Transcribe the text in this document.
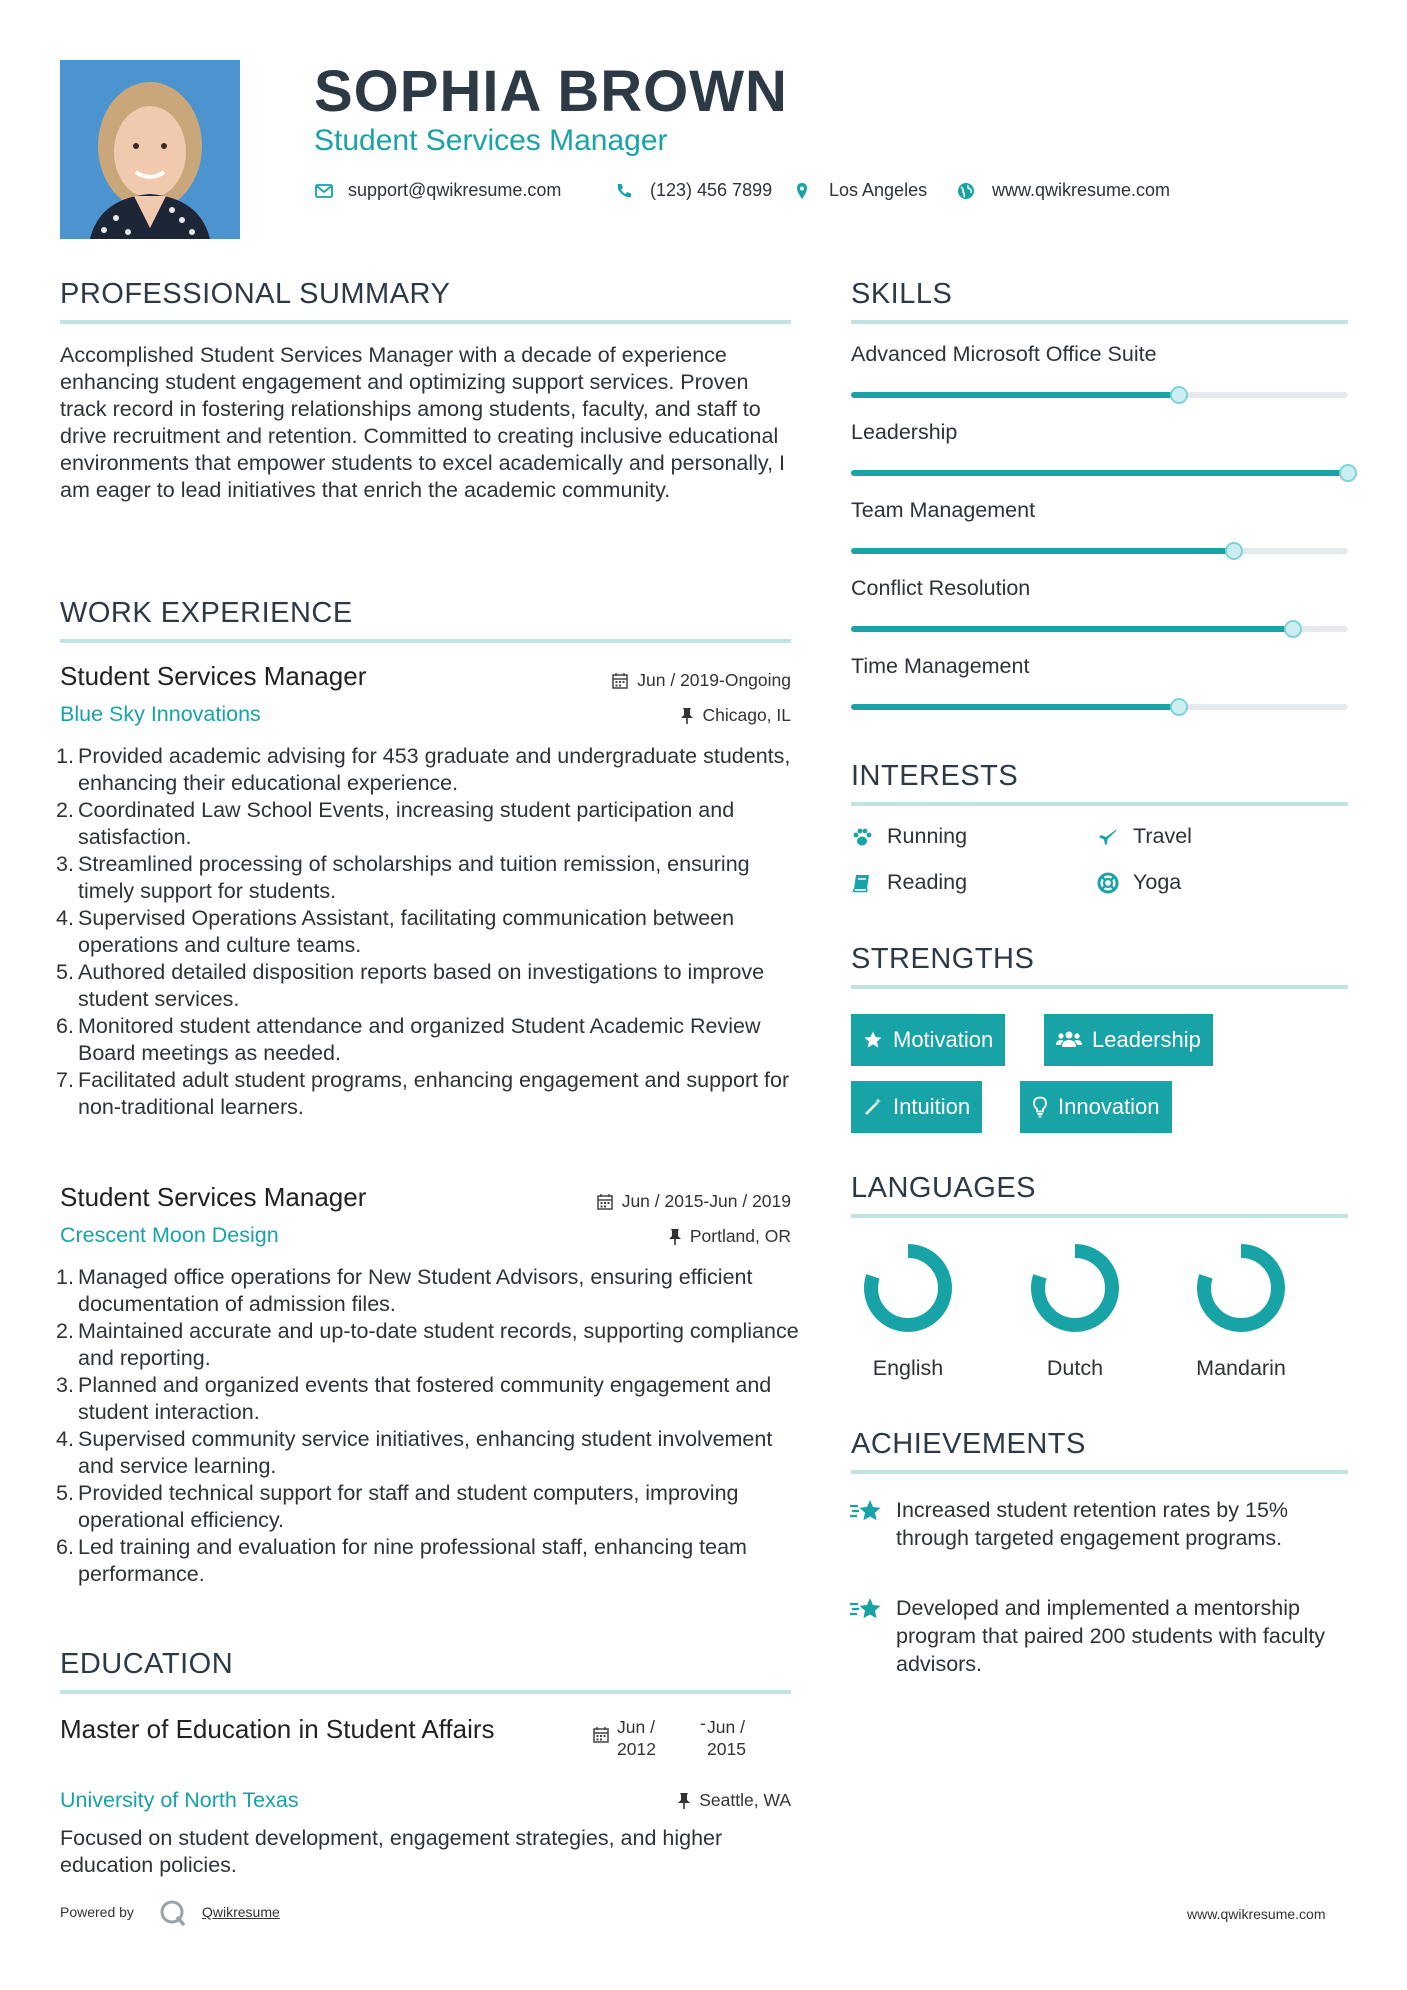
SOPHIA BROWN
Student Services Manager
support@qwikresume.com	(123) 456 7899	Los Angeles	www.qwikresume.com
PROFESSIONAL SUMMARY
Accomplished Student Services Manager with a decade of experience enhancing student engagement and optimizing support services. Proven track record in fostering relationships among students, faculty, and staff to drive recruitment and retention. Committed to creating inclusive educational environments that empower students to excel academically and personally, I am eager to lead initiatives that enrich the academic community.
WORK EXPERIENCE
Student Services Manager	Jun / 2019-Ongoing
Blue Sky Innovations	Chicago, IL
1. Provided academic advising for 453 graduate and undergraduate students, enhancing their educational experience.
2. Coordinated Law School Events, increasing student participation and satisfaction.
3. Streamlined processing of scholarships and tuition remission, ensuring timely support for students.
4. Supervised Operations Assistant, facilitating communication between operations and culture teams.
5. Authored detailed disposition reports based on investigations to improve student services.
6. Monitored student attendance and organized Student Academic Review Board meetings as needed.
7. Facilitated adult student programs, enhancing engagement and support for non-traditional learners.
Student Services Manager	Jun / 2015-Jun / 2019
Crescent Moon Design	Portland, OR
1. Managed office operations for New Student Advisors, ensuring efficient documentation of admission files.
2. Maintained accurate and up-to-date student records, supporting compliance and reporting.
3. Planned and organized events that fostered community engagement and student interaction.
4. Supervised community service initiatives, enhancing student involvement and service learning.
5. Provided technical support for staff and student computers, improving operational efficiency.
6. Led training and evaluation for nine professional staff, enhancing team performance.
EDUCATION
Master of Education in Student Affairs	Jun / 2012
- Jun / 2015
University of North Texas	Seattle, WA
Focused on student development, engagement strategies, and higher education policies.
Powered by	Qwikresume	www.qwikresume.com
SKILLS
Advanced Microsoft Office Suite
Leadership
Team Management
Conflict Resolution
Time Management
INTERESTS
Running	Travel
Reading	Yoga
STRENGTHS
Motivation	Leadership
Intuition	Innovation
LANGUAGES
English	Dutch	Mandarin
ACHIEVEMENTS
Increased student retention rates by 15% through targeted engagement programs.
Developed and implemented a mentorship program that paired 200 students with faculty advisors.
